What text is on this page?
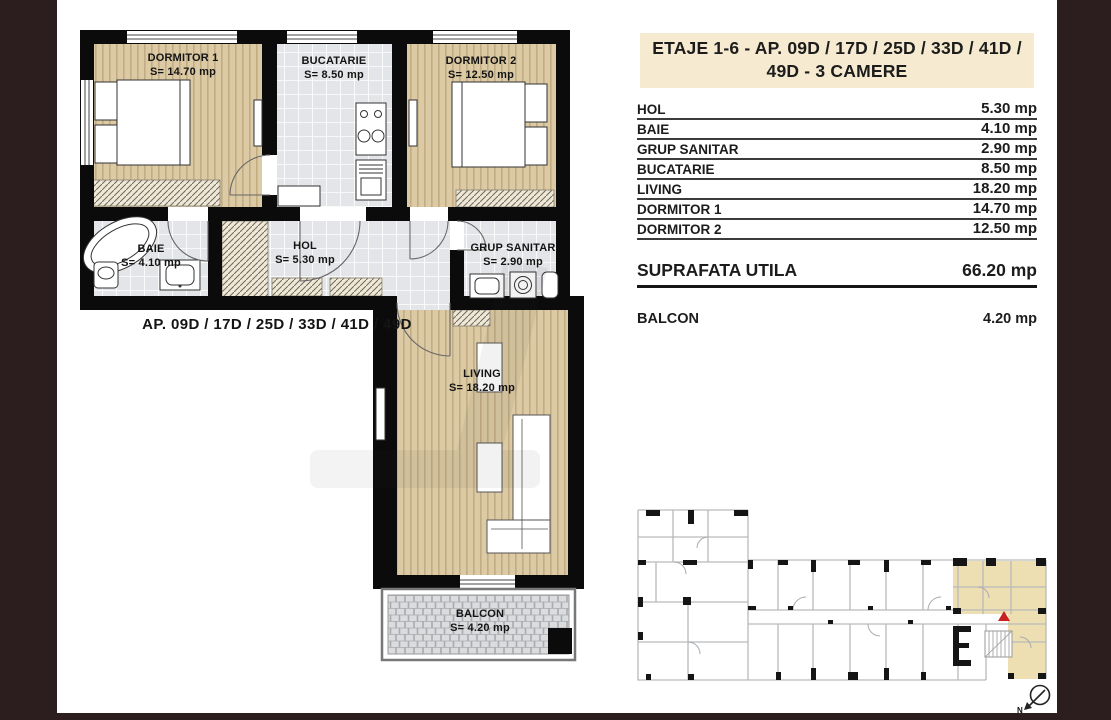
DORMITOR 1
S= 14.70 mp
BUCATARIE
S= 8.50 mp
DORMITOR 2
S= 12.50 mp
BAIE
S= 4.10 mp
HOL
S= 5.30 mp
GRUP SANITAR
S= 2.90 mp
LIVING
S= 18.20 mp
BALCON
S= 4.20 mp
AP. 09D / 17D / 25D / 33D / 41D / 49D
ETAJE 1-6 - AP. 09D / 17D / 25D / 33D / 41D /
49D - 3 CAMERE
HOL	5.30 mp
BAIE	4.10 mp
GRUP SANITAR	2.90 mp
BUCATARIE	8.50 mp
LIVING	18.20 mp
DORMITOR 1	14.70 mp
DORMITOR 2	12.50 mp
SUPRAFATA UTILA	66.20 mp
BALCON	4.20 mp
N
